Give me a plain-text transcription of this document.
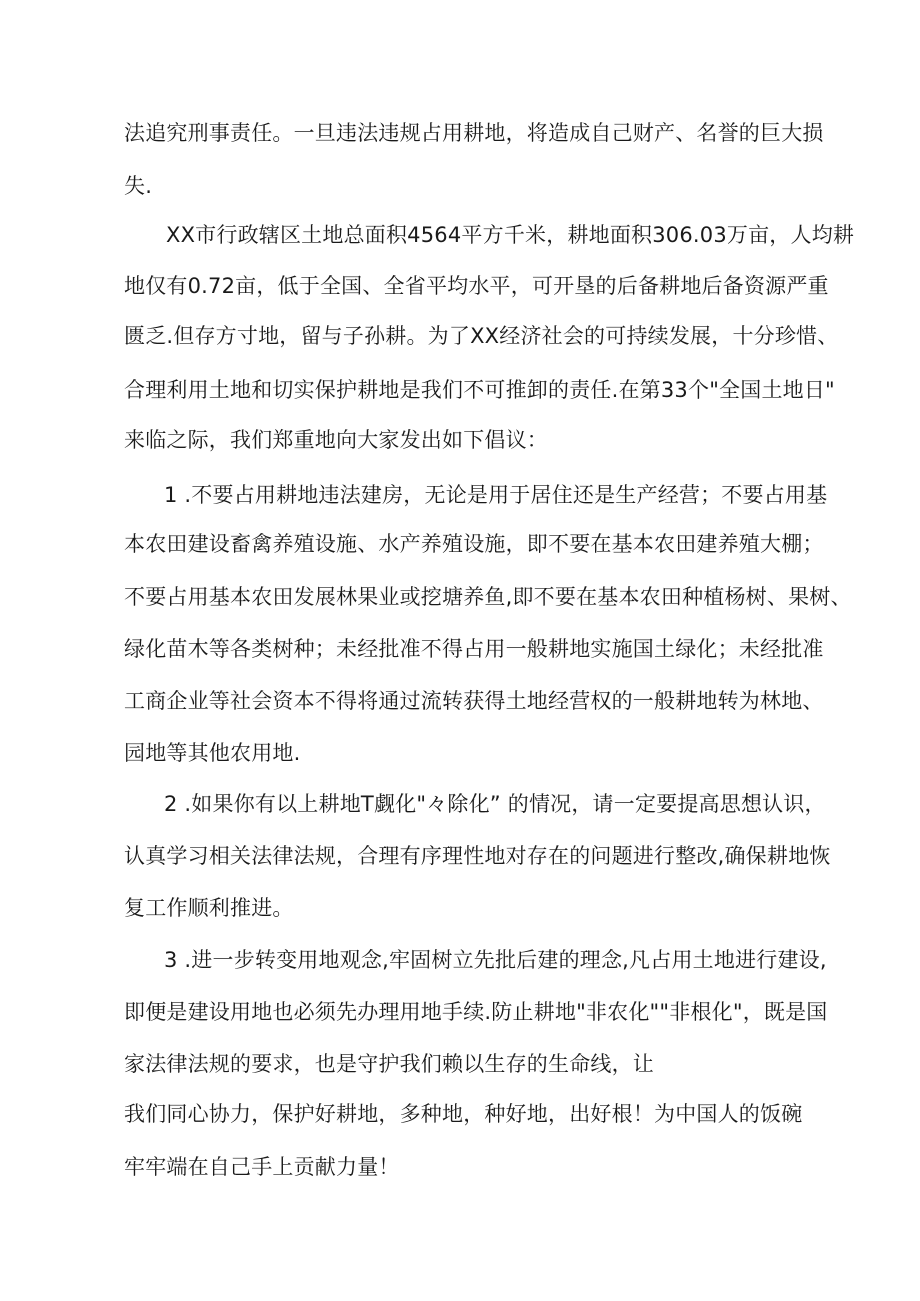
法追究刑事责任。一旦违法违规占用耕地，将造成自己财产、名誉的巨大损
失.
XX市行政辖区土地总面积4564平方千米，耕地面积306.03万亩，人均耕
地仅有0.72亩，低于全国、全省平均水平，可开垦的后备耕地后备资源严重
匮乏.但存方寸地，留与子孙耕。为了XX经济社会的可持续发展，十分珍惜、
合理利用土地和切实保护耕地是我们不可推卸的责任.在第33个"全国土地日"
来临之际，我们郑重地向大家发出如下倡议：
1 .不要占用耕地违法建房，无论是用于居住还是生产经营；不要占用基
本农田建设畜禽养殖设施、水产养殖设施，即不要在基本农田建养殖大棚；
不要占用基本农田发展林果业或挖塘养鱼,即不要在基本农田种植杨树、果树、
绿化苗木等各类树种；未经批准不得占用一般耕地实施国土绿化；未经批准
工商企业等社会资本不得将通过流转获得土地经营权的一般耕地转为林地、
园地等其他农用地.
2 .如果你有以上耕地T觑化"々除化” 的情况，请一定要提高思想认识，
认真学习相关法律法规，合理有序理性地对存在的问题进行整改,确保耕地恢
复工作顺利推进。
3 .进一步转变用地观念,牢固树立先批后建的理念,凡占用土地进行建设,
即便是建设用地也必须先办理用地手续.防止耕地"非农化""非根化"，既是国
家法律法规的要求，也是守护我们赖以生存的生命线，让
我们同心协力，保护好耕地，多种地，种好地，出好根！为中国人的饭碗
牢牢端在自己手上贡献力量！
